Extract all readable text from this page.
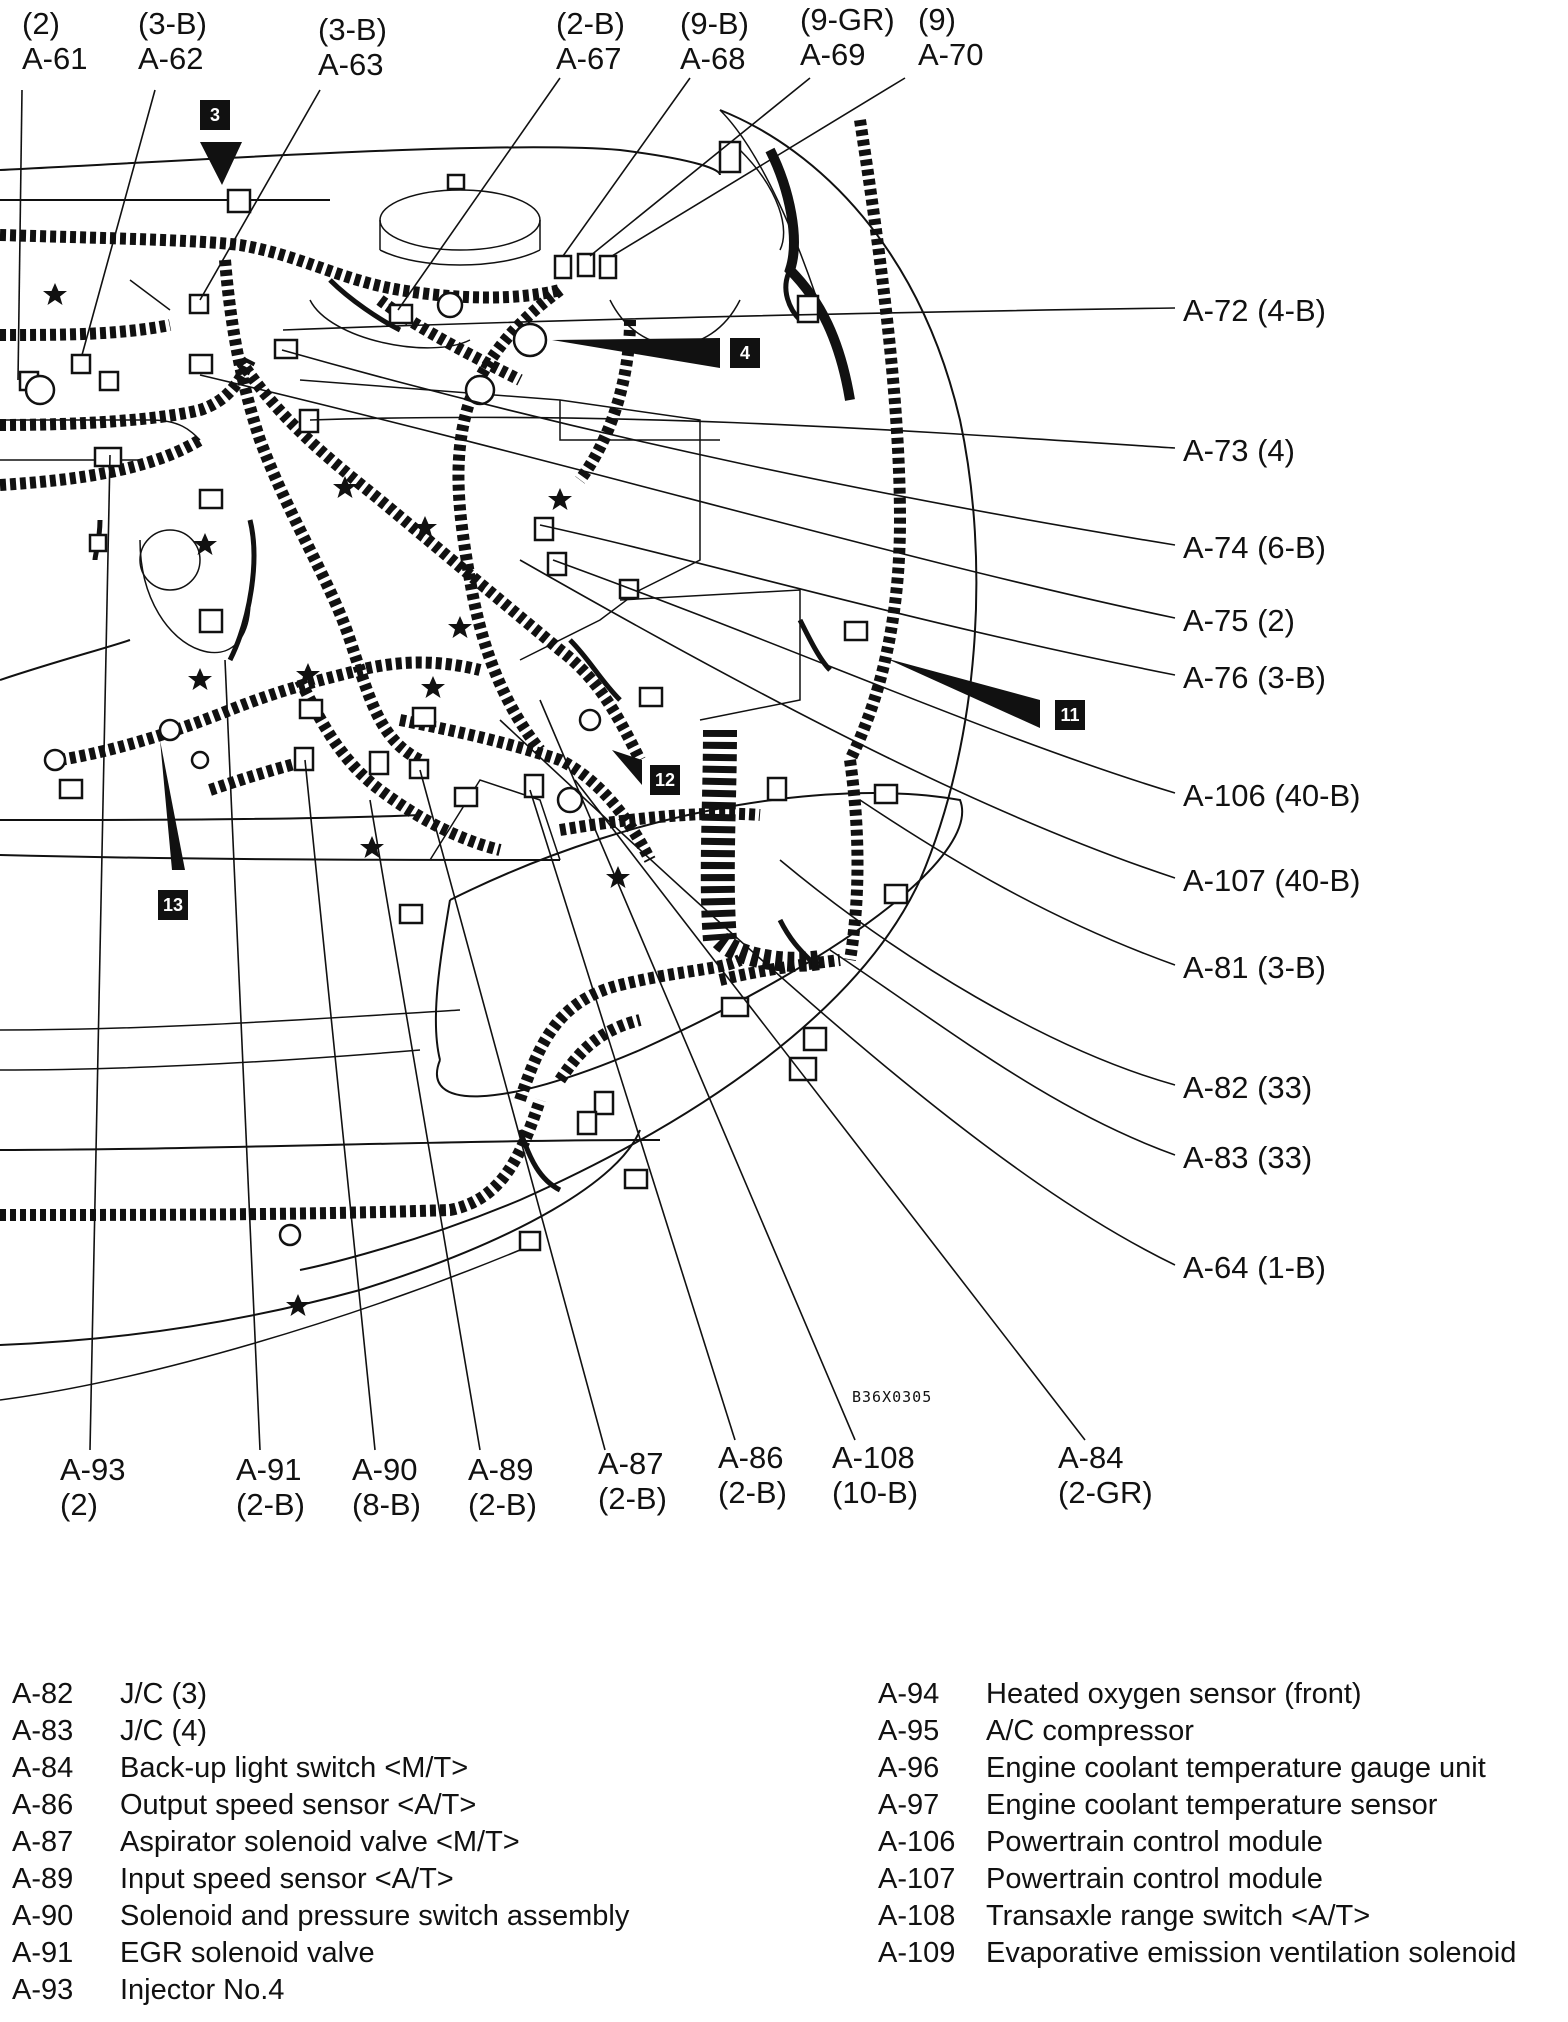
3
4
11
12
13
(2)
A-61
(3-B)
A-62
(3-B)
A-63
(2-B)
A-67
(9-B)
A-68
(9-GR)
A-69
(9)
A-70
A-72 (4-B)
A-73 (4)
A-74 (6-B)
A-75 (2)
A-76 (3-B)
A-106 (40-B)
A-107 (40-B)
A-81 (3-B)
A-82 (33)
A-83 (33)
A-64 (1-B)
B36X0305
A-93
(2)
A-91
(2-B)
A-90
(8-B)
A-89
(2-B)
A-87
(2-B)
A-86
(2-B)
A-108
(10-B)
A-84
(2-GR)
A-82	J/C (3)
A-83	J/C (4)
A-84	Back-up light switch <M/T>
A-86	Output speed sensor <A/T>
A-87	Aspirator solenoid valve <M/T>
A-89	Input speed sensor <A/T>
A-90	Solenoid and pressure switch assembly
A-91	EGR solenoid valve
A-93	Injector No.4
A-94	Heated oxygen sensor (front)
A-95	A/C compressor
A-96	Engine coolant temperature gauge unit
A-97	Engine coolant temperature sensor
A-106	Powertrain control module
A-107	Powertrain control module
A-108	Transaxle range switch <A/T>
A-109	Evaporative emission ventilation solenoid
